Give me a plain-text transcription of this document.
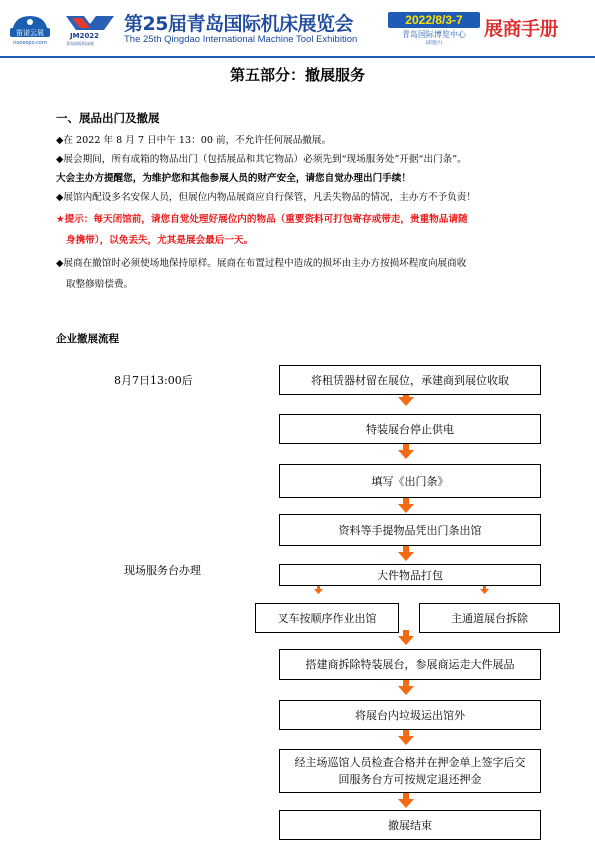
笛诺云展
nooexpo.com
JM2022
青岛国际机床展
第25届青岛国际机床展览会
The 25th Qingdao International Machine Tool Exhibition
2022/8/3-7
青岛国际博览中心
(即墨区)
展商手册
第五部分：撤展服务
一、展品出门及撤展
◆在 2022 年 8 月 7 日中午 13：00 前，不允许任何展品撤展。
◆展会期间，所有成箱的物品出门（包括展品和其它物品）必须先到“现场服务处”开据“出门条”。
大会主办方提醒您，为维护您和其他参展人员的财产安全，请您自觉办理出门手续！
◆展馆内配设多名安保人员，但展位内物品展商应自行保管，凡丢失物品的情况，主办方不予负责！
★提示：每天闭馆前，请您自觉处理好展位内的物品（重要资料可打包寄存或带走，贵重物品请随
身携带），以免丢失，尤其是展会最后一天。
◆展商在撤馆时必须使场地保持原样。展商在布置过程中造成的损坏由主办方按损坏程度向展商收
取整修赔偿费。
企业撤展流程
8月7日13:00后
现场服务台办理
将租赁器材留在展位，承建商到展位收取
特装展台停止供电
填写《出门条》
资料等手提物品凭出门条出馆
大件物品打包
叉车按顺序作业出馆	主通道展台拆除
搭建商拆除特装展台，参展商运走大件展品
将展台内垃圾运出馆外
经主场巡馆人员检查合格并在押金单上签字后交回服务台方可按规定退还押金
撤展结束
